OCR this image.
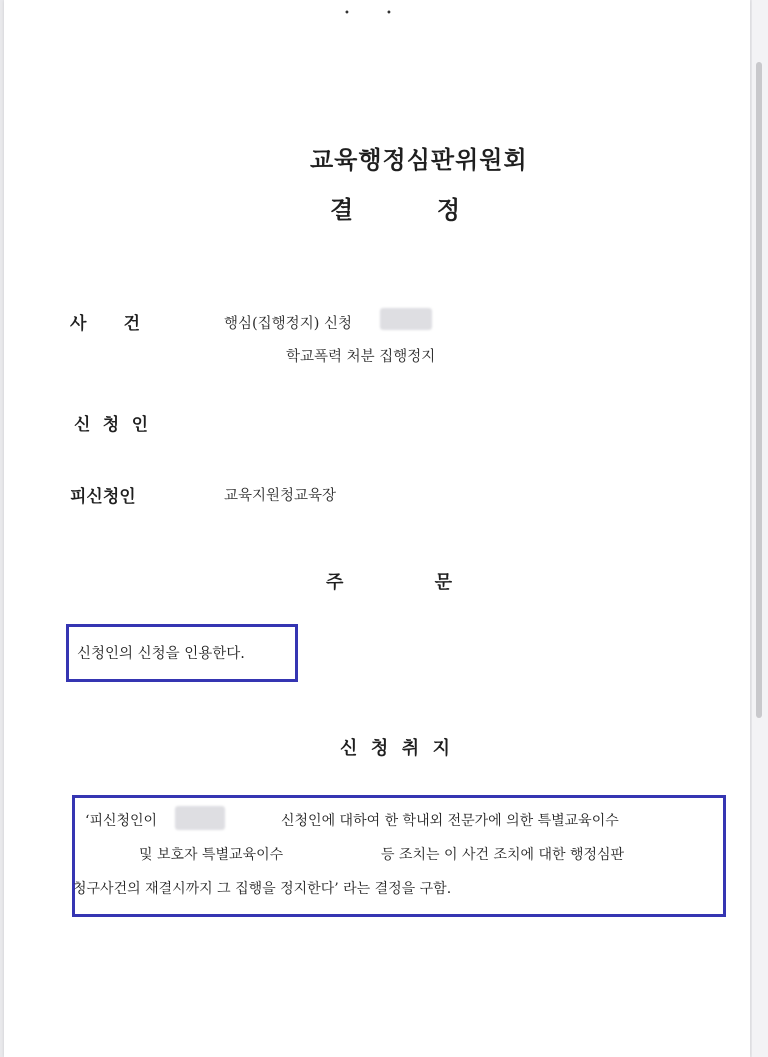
•	•
교육행정심판위원회
결	정
사 건	행심(집행정지) 신청
학교폭력 처분 집행정지
신 청 인
피신청인	교육지원청교육장
주	문
신청인의 신청을 인용한다.
신 청 취 지
‘피신청인이	신청인에 대하여 한 학내외 전문가에 의한 특별교육이수
및 보호자 특별교육이수	등 조치는 이 사건 조치에 대한 행정심판
청구사건의 재결시까지 그 집행을 정지한다’ 라는 결정을 구함.
